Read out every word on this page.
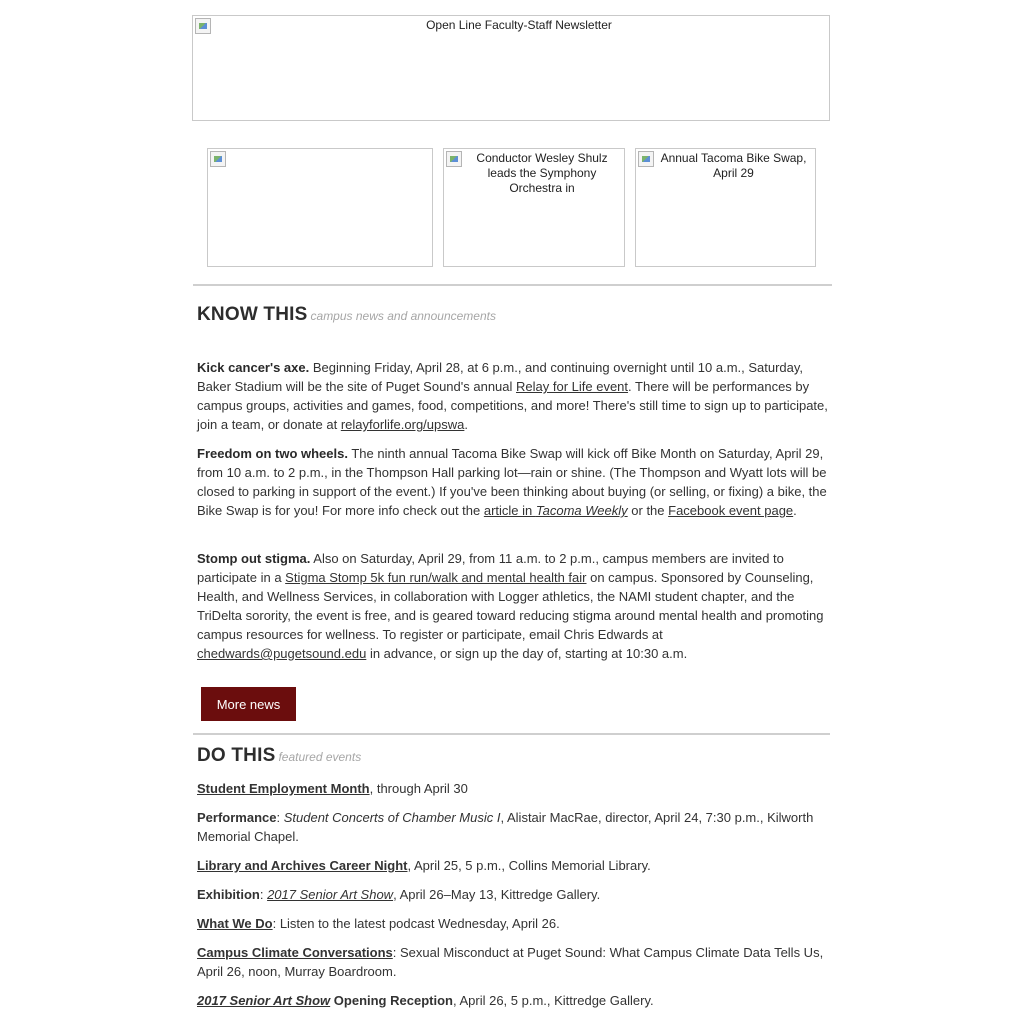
Open Line Faculty-Staff Newsletter
Conductor Wesley Shulz leads the Symphony Orchestra in
Annual Tacoma Bike Swap, April 29
KNOW THIS campus news and announcements
Kick cancer's axe. Beginning Friday, April 28, at 6 p.m., and continuing overnight until 10 a.m., Saturday, Baker Stadium will be the site of Puget Sound's annual Relay for Life event. There will be performances by campus groups, activities and games, food, competitions, and more! There's still time to sign up to participate, join a team, or donate at relayforlife.org/upswa.
Freedom on two wheels. The ninth annual Tacoma Bike Swap will kick off Bike Month on Saturday, April 29, from 10 a.m. to 2 p.m., in the Thompson Hall parking lot—rain or shine. (The Thompson and Wyatt lots will be closed to parking in support of the event.) If you've been thinking about buying (or selling, or fixing) a bike, the Bike Swap is for you! For more info check out the article in Tacoma Weekly or the Facebook event page.
Stomp out stigma. Also on Saturday, April 29, from 11 a.m. to 2 p.m., campus members are invited to participate in a Stigma Stomp 5k fun run/walk and mental health fair on campus. Sponsored by Counseling, Health, and Wellness Services, in collaboration with Logger athletics, the NAMI student chapter, and the TriDelta sorority, the event is free, and is geared toward reducing stigma around mental health and promoting campus resources for wellness. To register or participate, email Chris Edwards at chedwards@pugetsound.edu in advance, or sign up the day of, starting at 10:30 a.m.
More news
DO THIS featured events
Student Employment Month, through April 30
Performance: Student Concerts of Chamber Music I, Alistair MacRae, director, April 24, 7:30 p.m., Kilworth Memorial Chapel.
Library and Archives Career Night, April 25, 5 p.m., Collins Memorial Library.
Exhibition: 2017 Senior Art Show, April 26–May 13, Kittredge Gallery.
What We Do: Listen to the latest podcast Wednesday, April 26.
Campus Climate Conversations: Sexual Misconduct at Puget Sound: What Campus Climate Data Tells Us, April 26, noon, Murray Boardroom.
2017 Senior Art Show Opening Reception, April 26, 5 p.m., Kittredge Gallery.
